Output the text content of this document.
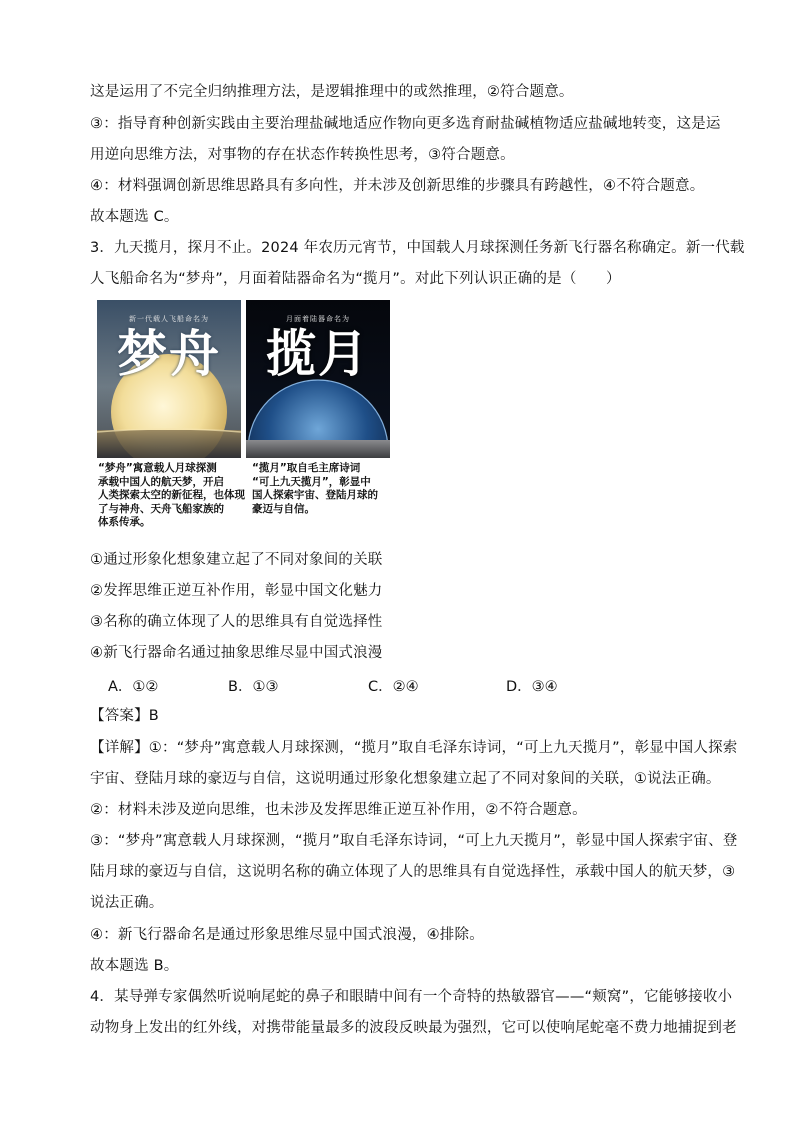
这是运用了不完全归纳推理方法，是逻辑推理中的或然推理，②符合题意。
③：指导育种创新实践由主要治理盐碱地适应作物向更多选育耐盐碱植物适应盐碱地转变，这是运
用逆向思维方法，对事物的存在状态作转换性思考，③符合题意。
④：材料强调创新思维思路具有多向性，并未涉及创新思维的步骤具有跨越性，④不符合题意。
故本题选 C。
3．九天揽月，探月不止。2024 年农历元宵节，中国载人月球探测任务新飞行器名称确定。新一代载
人飞船命名为“梦舟”，月面着陆器命名为“揽月”。对此下列认识正确的是（　　）
新一代载人飞船命名为
梦舟
月面着陆器命名为
揽月
“梦舟”寓意载人月球探测
承载中国人的航天梦，开启
人类探索太空的新征程，也体现
了与神舟、天舟飞船家族的
体系传承。
“揽月”取自毛主席诗词
“可上九天揽月”，彰显中
国人探索宇宙、登陆月球的
豪迈与自信。
①通过形象化想象建立起了不同对象间的关联
②发挥思维正逆互补作用，彰显中国文化魅力
③名称的确立体现了人的思维具有自觉选择性
④新飞行器命名通过抽象思维尽显中国式浪漫
A．①②	B．①③	C．②④	D．③④
【答案】B
【详解】①：“梦舟”寓意载人月球探测，“揽月”取自毛泽东诗词，“可上九天揽月”，彰显中国人探索
宇宙、登陆月球的豪迈与自信，这说明通过形象化想象建立起了不同对象间的关联，①说法正确。
②：材料未涉及逆向思维，也未涉及发挥思维正逆互补作用，②不符合题意。
③：“梦舟”寓意载人月球探测，“揽月”取自毛泽东诗词，“可上九天揽月”，彰显中国人探索宇宙、登
陆月球的豪迈与自信，这说明名称的确立体现了人的思维具有自觉选择性，承载中国人的航天梦，③
说法正确。
④：新飞行器命名是通过形象思维尽显中国式浪漫，④排除。
故本题选 B。
4．某导弹专家偶然听说响尾蛇的鼻子和眼睛中间有一个奇特的热敏器官——“颊窝”，它能够接收小
动物身上发出的红外线，对携带能量最多的波段反映最为强烈，它可以使响尾蛇毫不费力地捕捉到老
